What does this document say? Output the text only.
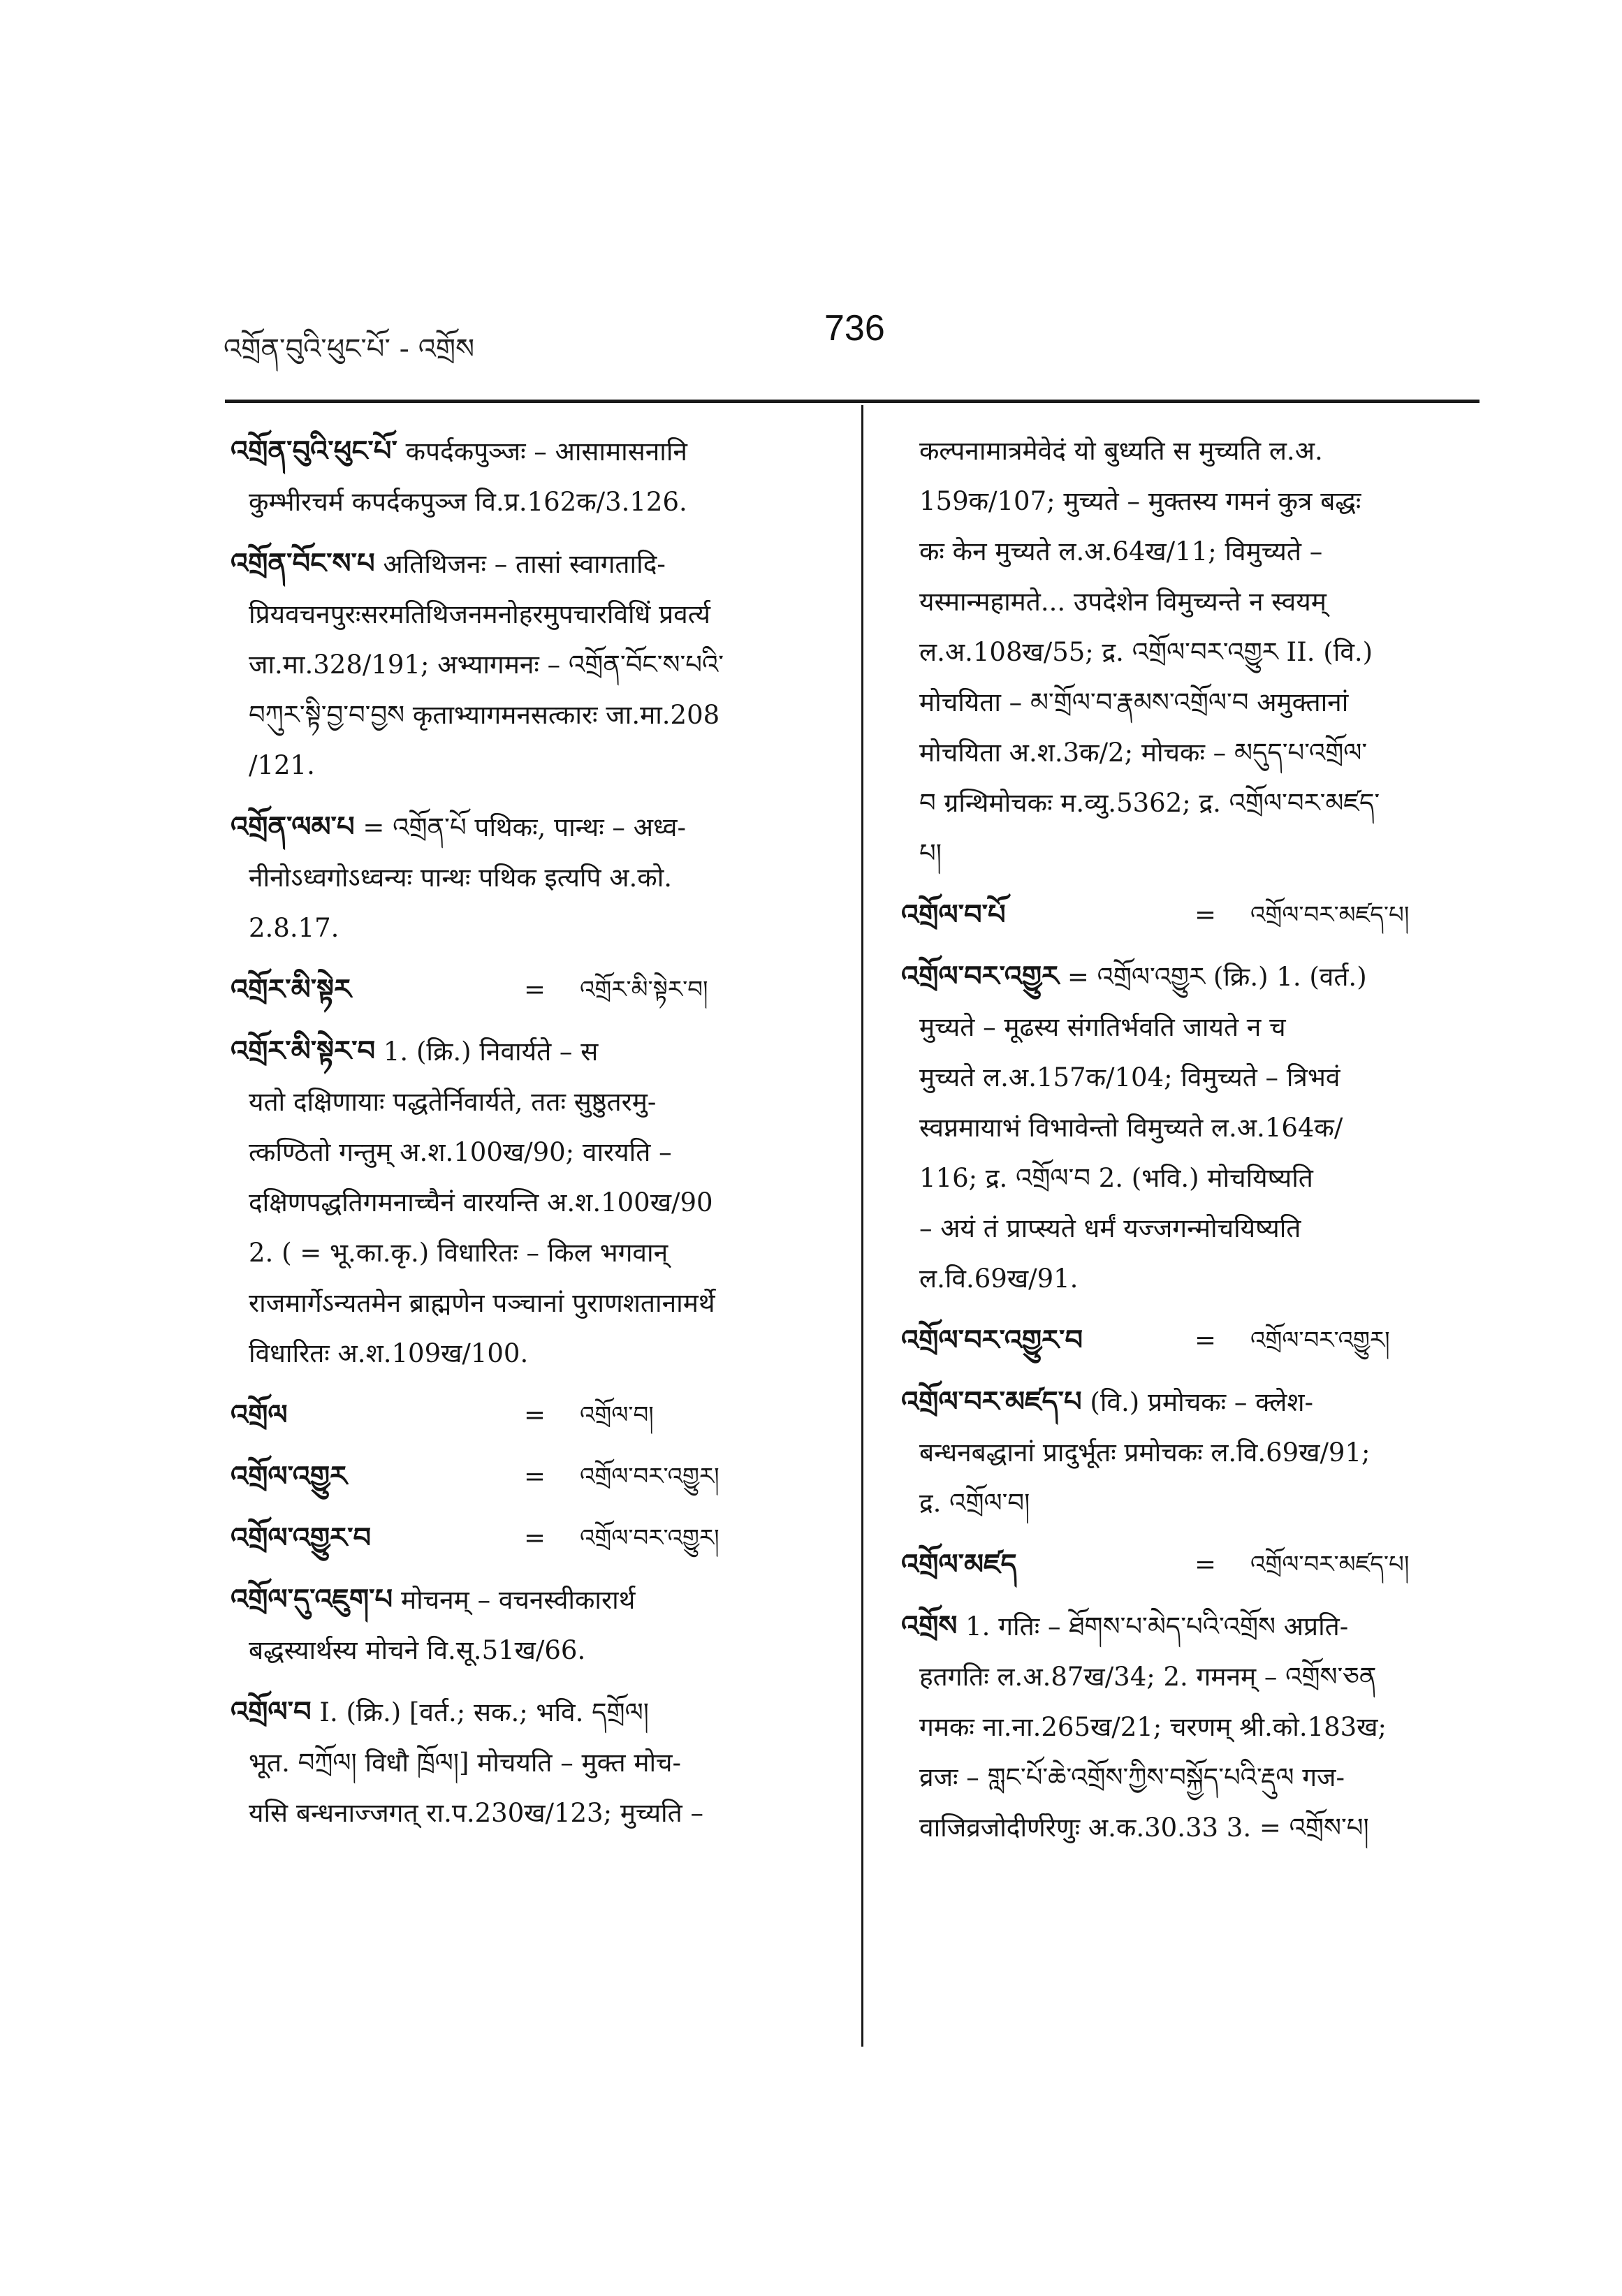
འགྲོན་བུའི་ཕུང་པོ་ - འགྲོས
736

འགྲོན་བུའི་ཕུང་པོ་ कपर्दकपुञ्जः – आसामासनानि

कुम्भीरचर्म कपर्दकपुञ्ज वि.प्र.162क/3.126.

འགྲོན་བོང་ས་པ अतिथिजनः – तासां स्वागतादि-

प्रियवचनपुरःसरमतिथिजनमनोहरमुपचारविधिं प्रवर्त्य

जा.मा.328/191; अभ्यागमनः – འགྲོན་བོང་ས་པའི་

བཀུར་སྟི་བྱ་བ་བྱས कृताभ्यागमनसत्कारः जा.मा.208

/121.

འགྲོན་ལམ་པ = འགྲོན་པོ पथिकः, पान्थः – अध्व-

नीनोऽध्वगोऽध्वन्यः पान्थः पथिक इत्यपि अ.को.

2.8.17.

འགྲོར་མི་སྟེར	=	འགྲོར་མི་སྟེར་བ།

འགྲོར་མི་སྟེར་བ 1. (क्रि.) निवार्यते – स

यतो दक्षिणायाः पद्धतेर्निवार्यते, ततः सुष्ठुतरमु-

त्कण्ठितो गन्तुम् अ.श.100ख/90; वारयति –

दक्षिणपद्धतिगमनाच्चैनं वारयन्ति अ.श.100ख/90

2. ( = भू.का.कृ.) विधारितः – किल भगवान्

राजमार्गेऽन्यतमेन ब्राह्मणेन पञ्चानां पुराणशतानामर्थे

विधारितः अ.श.109ख/100.

འགྲོལ	=	འགྲོལ་བ།
འགྲོལ་འགྱུར	=	འགྲོལ་བར་འགྱུར།
འགྲོལ་འགྱུར་བ	=	འགྲོལ་བར་འགྱུར།

འགྲོལ་དུ་འཇུག་པ मोचनम् – वचनस्वीकारार्थ

बद्धस्यार्थस्य मोचने वि.सू.51ख/66.

འགྲོལ་བ I. (क्रि.) [वर्त.; सक.; भवि. དགྲོལ།

भूत. བཀྲོལ། विधौ ཁྲོལ།] मोचयति – मुक्त मोच-

यसि बन्धनाज्जगत् रा.प.230ख/123; मुच्यति –

कल्पनामात्रमेवेदं यो बुध्यति स मुच्यति ल.अ.

159क/107; मुच्यते – मुक्तस्य गमनं कुत्र बद्धः

कः केन मुच्यते ल.अ.64ख/11; विमुच्यते –

यस्मान्महामते... उपदेशेन विमुच्यन्ते न स्वयम्

ल.अ.108ख/55; द्र. འགྲོལ་བར་འགྱུར II. (वि.)

मोचयिता – མ་གྲོལ་བ་རྣམས་འགྲོལ་བ अमुक्तानां

मोचयिता अ.श.3क/2; मोचकः – མདུད་པ་འགྲོལ་

བ ग्रन्थिमोचकः म.व्यु.5362; द्र. འགྲོལ་བར་མཛད་

པ།

འགྲོལ་བ་པོ	=	འགྲོལ་བར་མཛད་པ།

འགྲོལ་བར་འགྱུར = འགྲོལ་འགྱུར (क्रि.) 1. (वर्त.)

मुच्यते – मूढस्य संगतिर्भवति जायते न च

मुच्यते ल.अ.157क/104; विमुच्यते – त्रिभवं

स्वप्नमायाभं विभावेन्तो विमुच्यते ल.अ.164क/

116; द्र. འགྲོལ་བ 2. (भवि.) मोचयिष्यति

– अयं तं प्राप्स्यते धर्मं यज्जगन्मोचयिष्यति

ल.वि.69ख/91.

འགྲོལ་བར་འགྱུར་བ	=	འགྲོལ་བར་འགྱུར།

འགྲོལ་བར་མཛད་པ (वि.) प्रमोचकः – क्लेश-

बन्धनबद्धानां प्रादुर्भूतः प्रमोचकः ल.वि.69ख/91;

द्र. འགྲོལ་བ།

འགྲོལ་མཛད	=	འགྲོལ་བར་མཛད་པ།

འགྲོས 1. गतिः – ཐོགས་པ་མེད་པའི་འགྲོས अप्रति-

हतगतिः ल.अ.87ख/34; 2. गमनम् – འགྲོས་ཅན

गमकः ना.ना.265ख/21; चरणम् श्री.को.183ख;

व्रजः – གླང་པོ་ཆེ་འགྲོས་ཀྱིས་བསྐྱོད་པའི་རྡུལ गज-

वाजिव्रजोदीर्णरेणुः अ.क.30.33 3. = འགྲོས་པ།
